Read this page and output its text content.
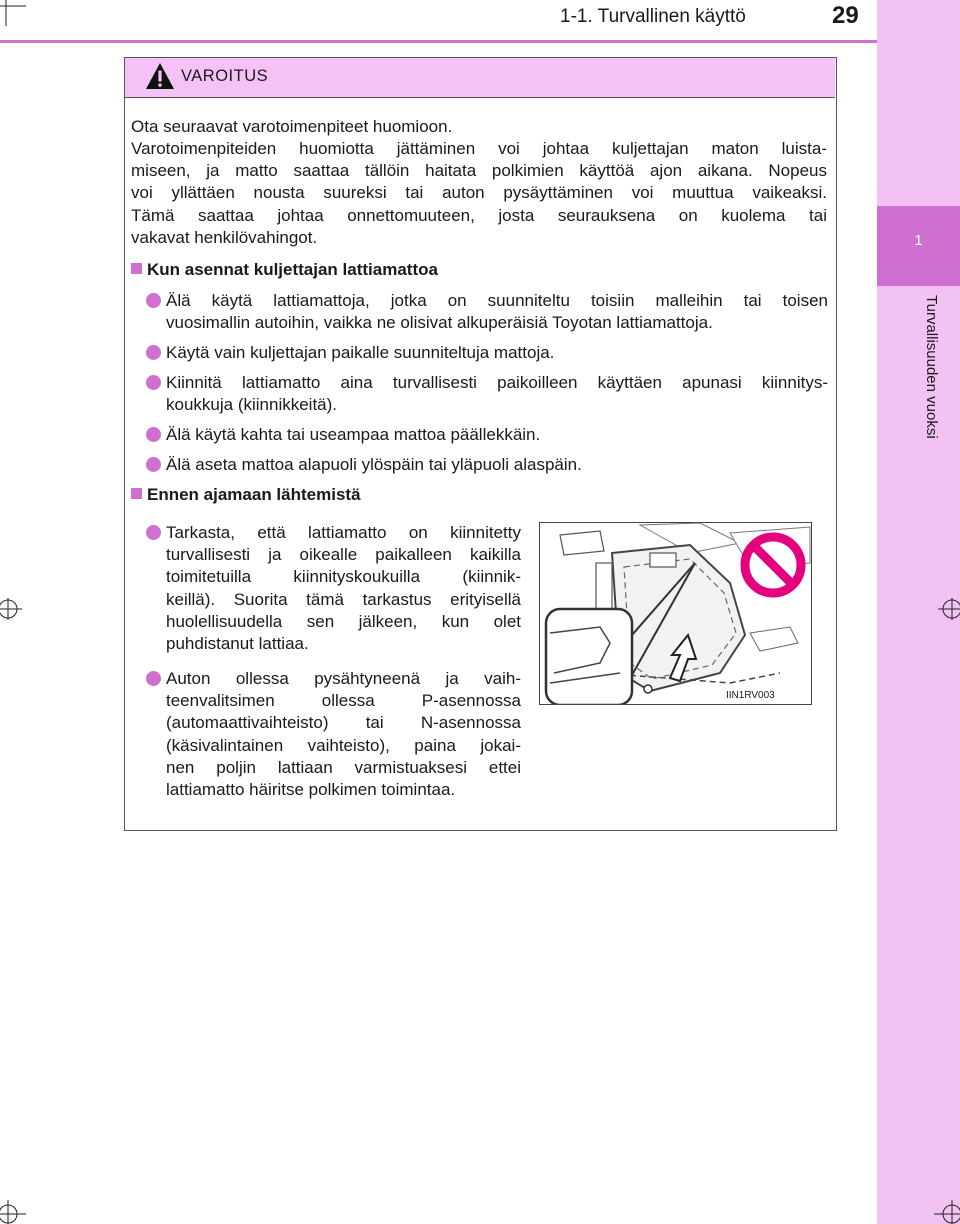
1
Turvallisuuden vuoksi
1-1. Turvallinen käyttö	29
VAROITUS
Ota seuraavat varotoimenpiteet huomioon.
Varotoimenpiteiden huomiotta jättäminen voi johtaa kuljettajan maton luista-
miseen, ja matto saattaa tällöin haitata polkimien käyttöä ajon aikana. Nopeus
voi yllättäen nousta suureksi tai auton pysäyttäminen voi muuttua vaikeaksi.
Tämä saattaa johtaa onnettomuuteen, josta seurauksena on kuolema tai
vakavat henkilövahingot.
Kun asennat kuljettajan lattiamattoa
Älä käytä lattiamattoja, jotka on suunniteltu toisiin malleihin tai toisen
vuosimallin autoihin, vaikka ne olisivat alkuperäisiä Toyotan lattiamattoja.
Käytä vain kuljettajan paikalle suunniteltuja mattoja.
Kiinnitä lattiamatto aina turvallisesti paikoilleen käyttäen apunasi kiinnitys-
koukkuja (kiinnikkeitä).
Älä käytä kahta tai useampaa mattoa päällekkäin.
Älä aseta mattoa alapuoli ylöspäin tai yläpuoli alaspäin.
Ennen ajamaan lähtemistä
Tarkasta, että lattiamatto on kiinnitetty
turvallisesti ja oikealle paikalleen kaikilla
toimitetuilla kiinnityskoukuilla (kiinnik-
keillä). Suorita tämä tarkastus erityisellä
huolellisuudella sen jälkeen, kun olet
puhdistanut lattiaa.
Auton ollessa pysähtyneenä ja vaih-
teenvalitsimen ollessa P-asennossa
(automaattivaihteisto) tai N-asennossa
(käsivalintainen vaihteisto), paina jokai-
nen poljin lattiaan varmistuaksesi ettei
lattiamatto häiritse polkimen toimintaa.
IIN1RV003
